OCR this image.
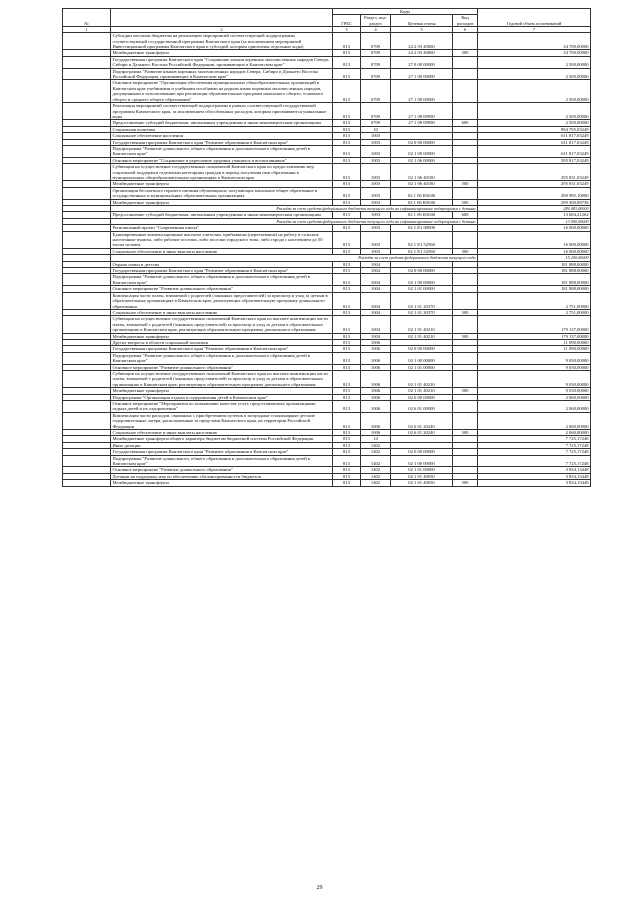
№		Коды				Годовой объем ассигнований
		ГРБС	Раздел, под-раздел	Целевая статья	Вид расходов	
1	2	3	4	5	6	7
	Субсидии местным бюджетам на реализацию мероприятий соответствующей подпрограммы соответствующей государственной программы Камчатского края (за исключением мероприятий Инвестиционной программы Камчатского края и субсидий, которым присвоены отдельные коды)	813	0709	24 2 03 40060		34 700,00000
	Межбюджетные трансферты	813	0709	24 2 03 40060	500	34 700,00000
	Государственная программа Камчатского края "Сохранение языков коренных малочисленных народов Севера, Сибири и Дальнего Востока Российской Федерации, проживающих в Камчатском крае"	813	0709	27 0 00 00000		2 500,00000
	Подпрограмма "Развитие языков коренных малочисленных народов Севера, Сибири и Дальнего Востока Российской Федерации, проживающих в Камчатском крае"	813	0709	27 1 00 00000		2 500,00000
	Основное мероприятие "Организация обеспечения муниципальных общеобразовательных организаций в Камчатском крае учебниками и учебными пособиями на родном языке коренных малочисленных народов, допущенными к использованию при реализации образовательных программ начального общего, основного общего и среднего общего образования"	813	0709	27 1 08 00000		2 500,00000
	Реализация мероприятий соответствующей подпрограммы в рамках соответствующей государственной программы Камчатского края, за исключением обособленных расходов, которым присваиваются уникальные коды	813	0709	27 1 08 09990		2 500,00000
	Предоставление субсидий бюджетным, автономным учреждениям и иным некоммерческим организациям	813	0709	27 1 08 09990	600	2 500,00000
	Социальная политика	813	10			894 795,03249
	Социальное обеспечение населения	813	1003			611 817,03249
	Государственная программа Камчатского края "Развитие образования в Камчатском крае"	813	1003	02 0 00 00000		611 817,03249
	Подпрограмма "Развитие дошкольного, общего образования и дополнительного образования детей в Камчатском крае"	813	1003	02 1 00 00000		611 817,03249
	Основное мероприятие "Сохранение и укрепление здоровья учащихся и воспитанников"	813	1003	02 1 06 00000		595 817,03249
	Субвенции на осуществление государственных полномочий Камчатского края по предоставлению мер социальной поддержки отдельным категориям граждан в период получения ими образования в муниципальных общеобразовательных организациях в Камчатском крае	813	1003	02 1 06 40180		295 831,03249
	Межбюджетные трансферты	813	1003	02 1 06 40180	500	295 831,03249
	Организация бесплатного горячего питания обучающихся, получающих начальное общее образование в государственных и муниципальных образовательных организациях	813	1003	02 1 06 R3040		299 985,10000
	Межбюджетные трансферты	813	1003	02 1 06 R3040	500	299 300,88738
	Расходы за счет средств федерального бюджета текущего года на софинансирование подпрограмм с детьми					284 483,00000
	Предоставление субсидий бюджетным, автономным учреждениям и иным некоммерческим организациям	813	1003	02 1 06 R3040	600	13 684,21262
	Расходы за счет средств федерального бюджета текущего года на софинансирование подпрограмм с детьми					13 000,00000
	Региональный проект "Современная школа"	813	1003	02 1 E1 00000		16 000,00000
	Единовременные компенсационные выплаты учителям, прибывшим (переехавшим) на работу в сельские населенные пункты, либо рабочие поселки, либо поселки городского типа, либо города с населением до 50 тысяч человек	813	1003	02 1 E1 52560		16 000,00000
	Социальное обеспечение и иные выплаты населению	813	1003	02 1 E1 52560	300	16 000,00000
	Расходы за счет средств федерального бюджета текущего года					15 200,00000
	Охрана семьи и детства	813	1004			181 888,00000
	Государственная программа Камчатского края "Развитие образования в Камчатском крае"	813	1004	02 0 00 00000		181 888,00000
	Подпрограмма "Развитие дошкольного, общего образования и дополнительного образования детей в Камчатском крае"	813	1004	02 1 00 00000		181 888,00000
	Основное мероприятие "Развитие дошкольного образования"	813	1004	02 1 01 00000		181 888,00000
	Компенсация части платы, взимаемой с родителей (законных представителей) за присмотр и уход за детьми в образовательных организациях в Камчатском крае, реализующих образовательную программу дошкольного образования	813	1004	02 1 01 20370		2 751,00000
	Социальное обеспечение и иные выплаты населению	813	1004	02 1 01 20370	300	2 751,00000
	Субвенции на осуществление государственных полномочий Камчатского края по выплате компенсации части платы, взимаемой с родителей (законных представителей) за присмотр и уход за детьми в образовательных организациях в Камчатском крае, реализующих образовательную программу дошкольного образования	813	1004	02 1 01 40210		179 137,00000
	Межбюджетные трансферты	813	1004	02 1 01 40210	500	179 137,00000
	Другие вопросы в области социальной политики	813	1006			11 090,00000
	Государственная программа Камчатского края "Развитие образования в Камчатском крае"	813	1006	02 0 00 00000		11 090,00000
	Подпрограмма "Развитие дошкольного, общего образования и дополнительного образования детей в Камчатском крае"	813	1006	02 1 00 00000		9 030,00000
	Основное мероприятие "Развитие дошкольного образования"	813	1006	02 1 01 00000		9 030,00000
	Субвенции на осуществление государственных полномочий Камчатского края по выплате компенсации части платы, взимаемой с родителей (законных представителей) за присмотр и уход за детьми в образовательных организациях в Камчатском крае, реализующих образовательную программу дошкольного образования	813	1006	02 1 01 40210		9 030,00000
	Межбюджетные трансферты	813	1006	02 1 01 40210	500	9 030,00000
	Подпрограмма "Организация отдыха и оздоровления детей в Камчатском крае"	813	1006	02 6 00 00000		2 060,00000
	Основное мероприятие "Мероприятия по повышению качества услуг, предоставляемых организациями отдыха детей и их оздоровления"	813	1006	02 6 01 00000		2 060,00000
	Компенсация части расходов, связанных с приобретением путевок в загородные стационарные детские оздоровительные лагеря, расположенные за пределами Камчатского края, на территории Российской Федерации	813	1006	02 6 01 20240		2 060,00000
	Социальное обеспечение и иные выплаты населению	813	1006	02 6 01 20240	300	2 060,00000
	Межбюджетные трансферты общего характера бюджетам бюджетной системы Российской Федерации	813	14			7 725,17248
	Иные дотации	813	1402			7 725,17248
	Государственная программа Камчатского края "Развитие образования в Камчатском крае"	813	1402	02 0 00 00000		7 725,17248
	Подпрограмма "Развитие дошкольного, общего образования и дополнительного образования детей в Камчатском крае"	813	1402	02 1 00 00000		7 725,17248
	Основное мероприятие "Развитие дошкольного образования"	813	1402	02 1 01 00000		3 834,13448
	Дотации на поддержку мер по обеспечению сбалансированности бюджетов	813	1402	02 1 01 40030		3 834,13448
	Межбюджетные трансферты	813	1402	02 1 01 40030	500	3 834,13448
29
